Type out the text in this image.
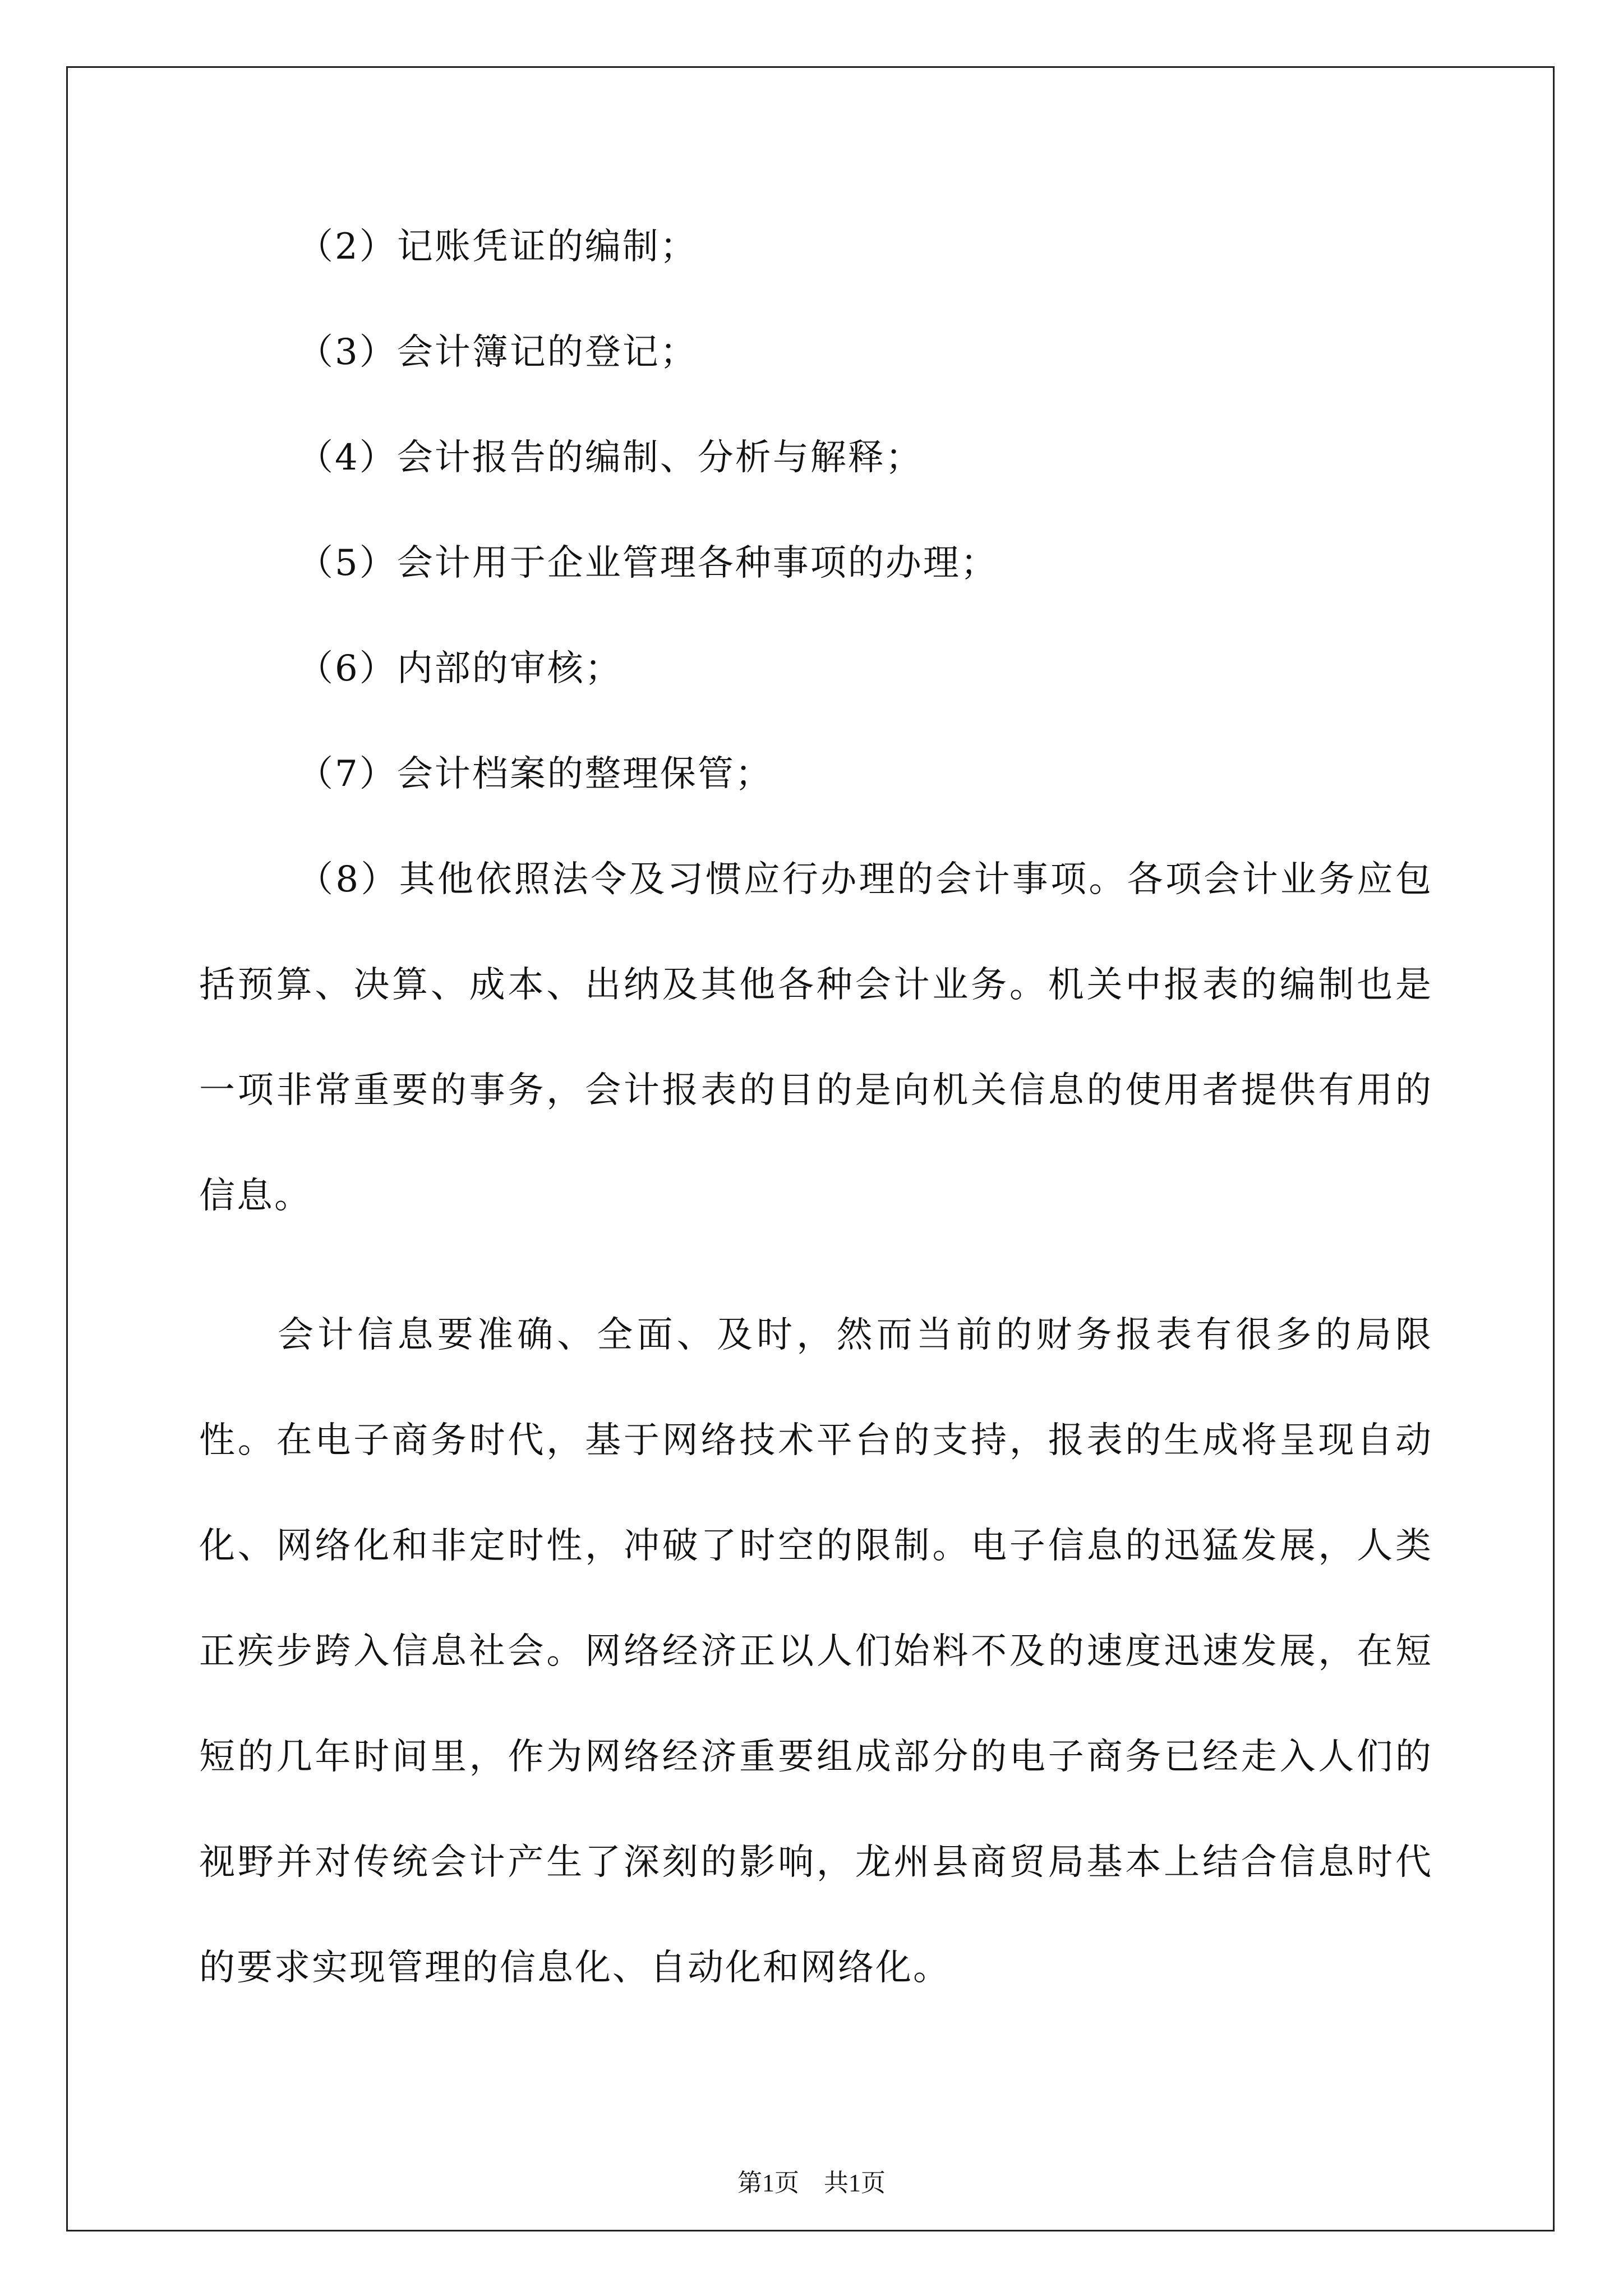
（2）记账凭证的编制；
（3）会计簿记的登记；
（4）会计报告的编制、分析与解释；
（5）会计用于企业管理各种事项的办理；
（6）内部的审核；
（7）会计档案的整理保管；

（8）其他依照法令及习惯应行办理的会计事项。各项会计业务应包括预算、决算、成本、出纳及其他各种会计业务。机关中报表的编制也是一项非常重要的事务，会计报表的目的是向机关信息的使用者提供有用的信息。

会计信息要准确、全面、及时，然而当前的财务报表有很多的局限性。在电子商务时代，基于网络技术平台的支持，报表的生成将呈现自动化、网络化和非定时性，冲破了时空的限制。电子信息的迅猛发展，人类正疾步跨入信息社会。网络经济正以人们始料不及的速度迅速发展，在短短的几年时间里，作为网络经济重要组成部分的电子商务已经走入人们的视野并对传统会计产生了深刻的影响，龙州县商贸局基本上结合信息时代的要求实现管理的信息化、自动化和网络化。

第1页　共1页
